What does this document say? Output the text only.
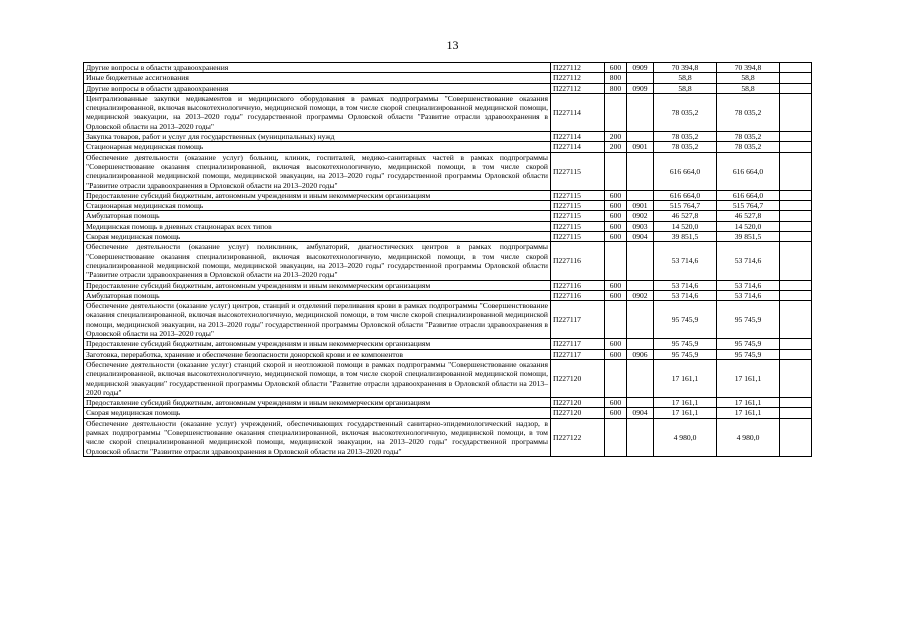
13
Другие вопросы в области здравоохранения	П227112	600	0909	70 394,8	70 394,8	
Иные бюджетные ассигнования	П227112	800		58,8	58,8	
Другие вопросы в области здравоохранения	П227112	800	0909	58,8	58,8	
Централизованные закупки медикаментов и медицинского оборудования в рамках подпрограммы "Совершенствование оказания специализированной, включая высокотехнологичную, медицинской помощи, в том числе скорой специализированной медицинской помощи, медицинской эвакуации, на 2013–2020 годы" государственной программы Орловской области "Развитие отрасли здравоохранения в Орловской области на 2013–2020 годы"	П227114			78 035,2	78 035,2	
Закупка товаров, работ и услуг для государственных (муниципальных) нужд	П227114	200		78 035,2	78 035,2	
Стационарная медицинская помощь	П227114	200	0901	78 035,2	78 035,2	
Обеспечение деятельности (оказание услуг) больниц, клиник, госпиталей, медико-санитарных частей в рамках подпрограммы "Совершенствование оказания специализированной, включая высокотехнологичную, медицинской помощи, в том числе скорой специализированной медицинской помощи, медицинской эвакуации, на 2013–2020 годы" государственной программы Орловской области "Развитие отрасли здравоохранения в Орловской области на 2013–2020 годы"	П227115			616 664,0	616 664,0	
Предоставление субсидий бюджетным, автономным учреждениям и иным некоммерческим организациям	П227115	600		616 664,0	616 664,0	
Стационарная медицинская помощь	П227115	600	0901	515 764,7	515 764,7	
Амбулаторная помощь	П227115	600	0902	46 527,8	46 527,8	
Медицинская помощь в дневных стационарах всех типов	П227115	600	0903	14 520,0	14 520,0	
Скорая медицинская помощь	П227115	600	0904	39 851,5	39 851,5	
Обеспечение деятельности (оказание услуг) поликлиник, амбулаторий, диагностических центров в рамках подпрограммы "Совершенствование оказания специализированной, включая высокотехнологичную, медицинской помощи, в том числе скорой специализированной медицинской помощи, медицинской эвакуации, на 2013–2020 годы" государственной программы Орловской области "Развитие отрасли здравоохранения в Орловской области на 2013–2020 годы"	П227116			53 714,6	53 714,6	
Предоставление субсидий бюджетным, автономным учреждениям и иным некоммерческим организациям	П227116	600		53 714,6	53 714,6	
Амбулаторная помощь	П227116	600	0902	53 714,6	53 714,6	
Обеспечение деятельности (оказание услуг) центров, станций и отделений переливания крови в рамках подпрограммы "Совершенствование оказания специализированной, включая высокотехнологичную, медицинской помощи, в том числе скорой специализированной медицинской помощи, медицинской эвакуации, на 2013–2020 годы" государственной программы Орловской области "Развитие отрасли здравоохранения в Орловской области на 2013–2020 годы"	П227117			95 745,9	95 745,9	
Предоставление субсидий бюджетным, автономным учреждениям и иным некоммерческим организациям	П227117	600		95 745,9	95 745,9	
Заготовка, переработка, хранение и обеспечение безопасности донорской крови и ее компонентов	П227117	600	0906	95 745,9	95 745,9	
Обеспечение деятельности (оказание услуг) станций скорой и неотложной помощи в рамках подпрограммы "Совершенствование оказания специализированной, включая высокотехнологичную, медицинской помощи, в том числе скорой специализированной медицинской помощи, медицинской эвакуации" государственной программы Орловской области "Развитие отрасли здравоохранения в Орловской области на 2013–2020 годы"	П227120			17 161,1	17 161,1	
Предоставление субсидий бюджетным, автономным учреждениям и иным некоммерческим организациям	П227120	600		17 161,1	17 161,1	
Скорая медицинская помощь	П227120	600	0904	17 161,1	17 161,1	
Обеспечение деятельности (оказание услуг) учреждений, обеспечивающих государственный санитарно-эпидемиологический надзор, в рамках подпрограммы "Совершенствование оказания специализированной, включая высокотехнологичную, медицинской помощи, в том числе скорой специализированной медицинской помощи, медицинской эвакуации, на 2013–2020 годы" государственной программы Орловской области "Развитие отрасли здравоохранения в Орловской области на 2013–2020 годы"	П227122			4 980,0	4 980,0	
